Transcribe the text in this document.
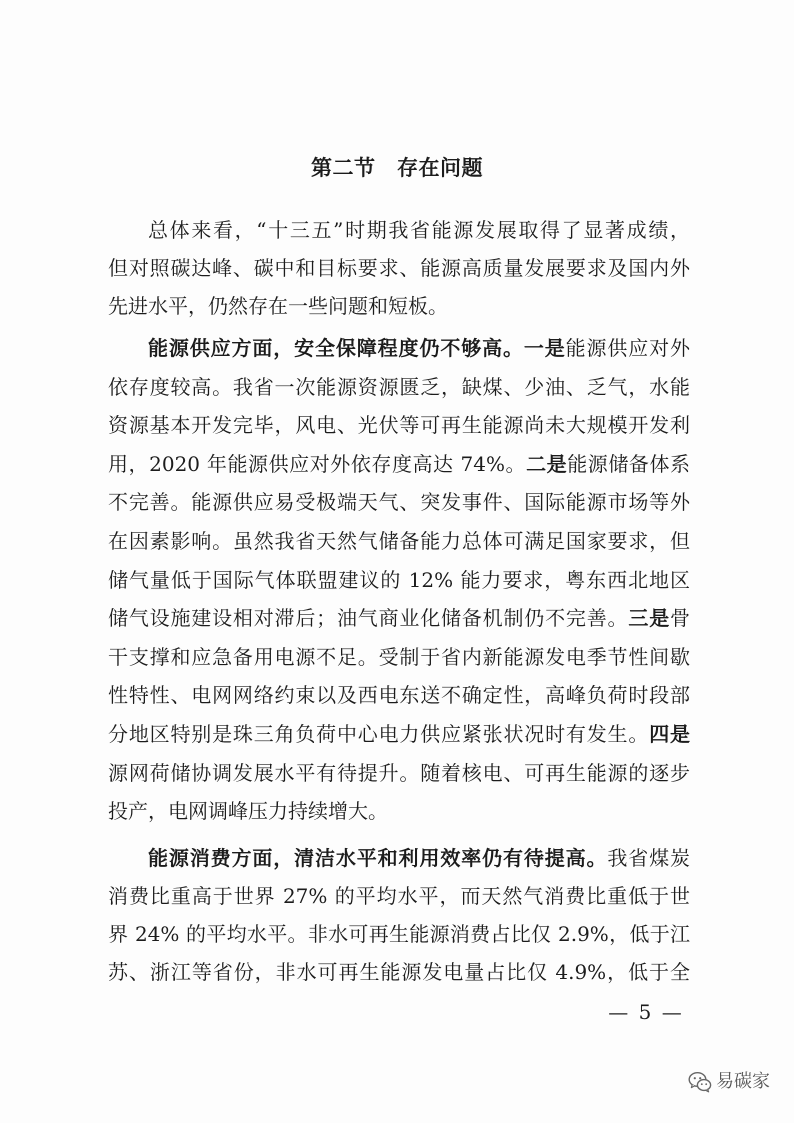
第二节　存在问题
总体来看，“十三五”时期我省能源发展取得了显著成绩，
但对照碳达峰、碳中和目标要求、能源高质量发展要求及国内外
先进水平，仍然存在一些问题和短板。
能源供应方面，安全保障程度仍不够高。一是能源供应对外
依存度较高。我省一次能源资源匮乏，缺煤、少油、乏气，水能
资源基本开发完毕，风电、光伏等可再生能源尚未大规模开发利
用，2020 年能源供应对外依存度高达 74%。二是能源储备体系
不完善。能源供应易受极端天气、突发事件、国际能源市场等外
在因素影响。虽然我省天然气储备能力总体可满足国家要求，但
储气量低于国际气体联盟建议的 12% 能力要求，粤东西北地区
储气设施建设相对滞后；油气商业化储备机制仍不完善。三是骨
干支撑和应急备用电源不足。受制于省内新能源发电季节性间歇
性特性、电网网络约束以及西电东送不确定性，高峰负荷时段部
分地区特别是珠三角负荷中心电力供应紧张状况时有发生。四是
源网荷储协调发展水平有待提升。随着核电、可再生能源的逐步
投产，电网调峰压力持续增大。
能源消费方面，清洁水平和利用效率仍有待提高。我省煤炭
消费比重高于世界 27% 的平均水平，而天然气消费比重低于世
界 24% 的平均水平。非水可再生能源消费占比仅 2.9%，低于江
苏、浙江等省份，非水可再生能源发电量占比仅 4.9%，低于全
— 5 —
易碳家
